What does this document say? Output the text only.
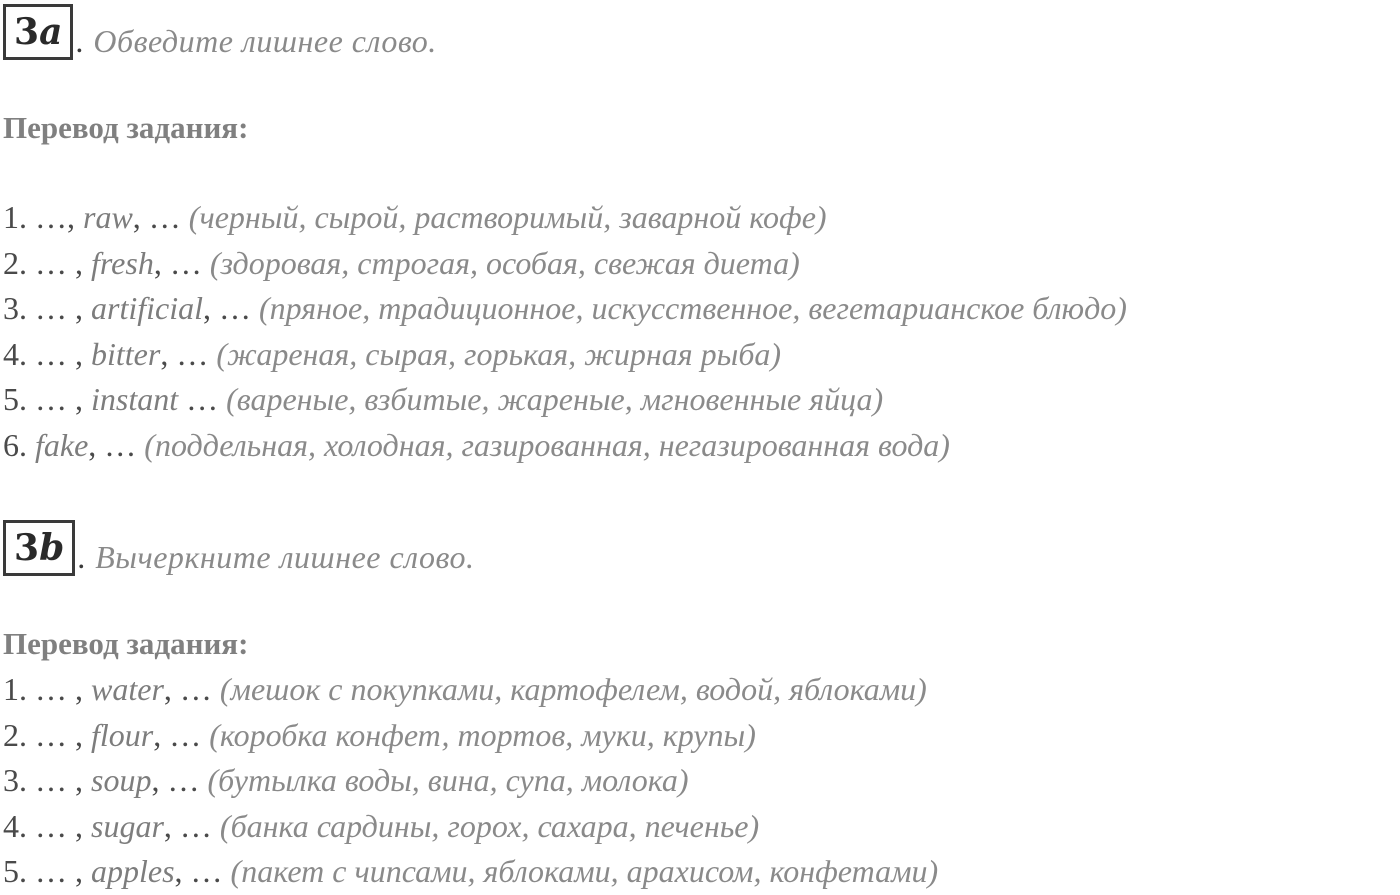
3 a . Обведите лишнее слово.
Перевод задания:
1. …, raw, … (черный, сырой, растворимый, заварной кофе)
2. … , fresh, … (здоровая, строгая, особая, свежая диета)
3. … , artificial, … (пряное, традиционное, искусственное, вегетарианское блюдо)
4. … , bitter, … (жареная, сырая, горькая, жирная рыба)
5. … , instant … (вареные, взбитые, жареные, мгновенные яйца)
6. fake, … (поддельная, холодная, газированная, негазированная вода)
3 b . Вычеркните лишнее слово.
Перевод задания:
1. … , water, … (мешок с покупками, картофелем, водой, яблоками)
2. … , flour, … (коробка конфет, тортов, муки, крупы)
3. … , soup, … (бутылка воды, вина, супа, молока)
4. … , sugar, … (банка сардины, горох, сахара, печенье)
5. … , apples, … (пакет с чипсами, яблоками, арахисом, конфетами)
